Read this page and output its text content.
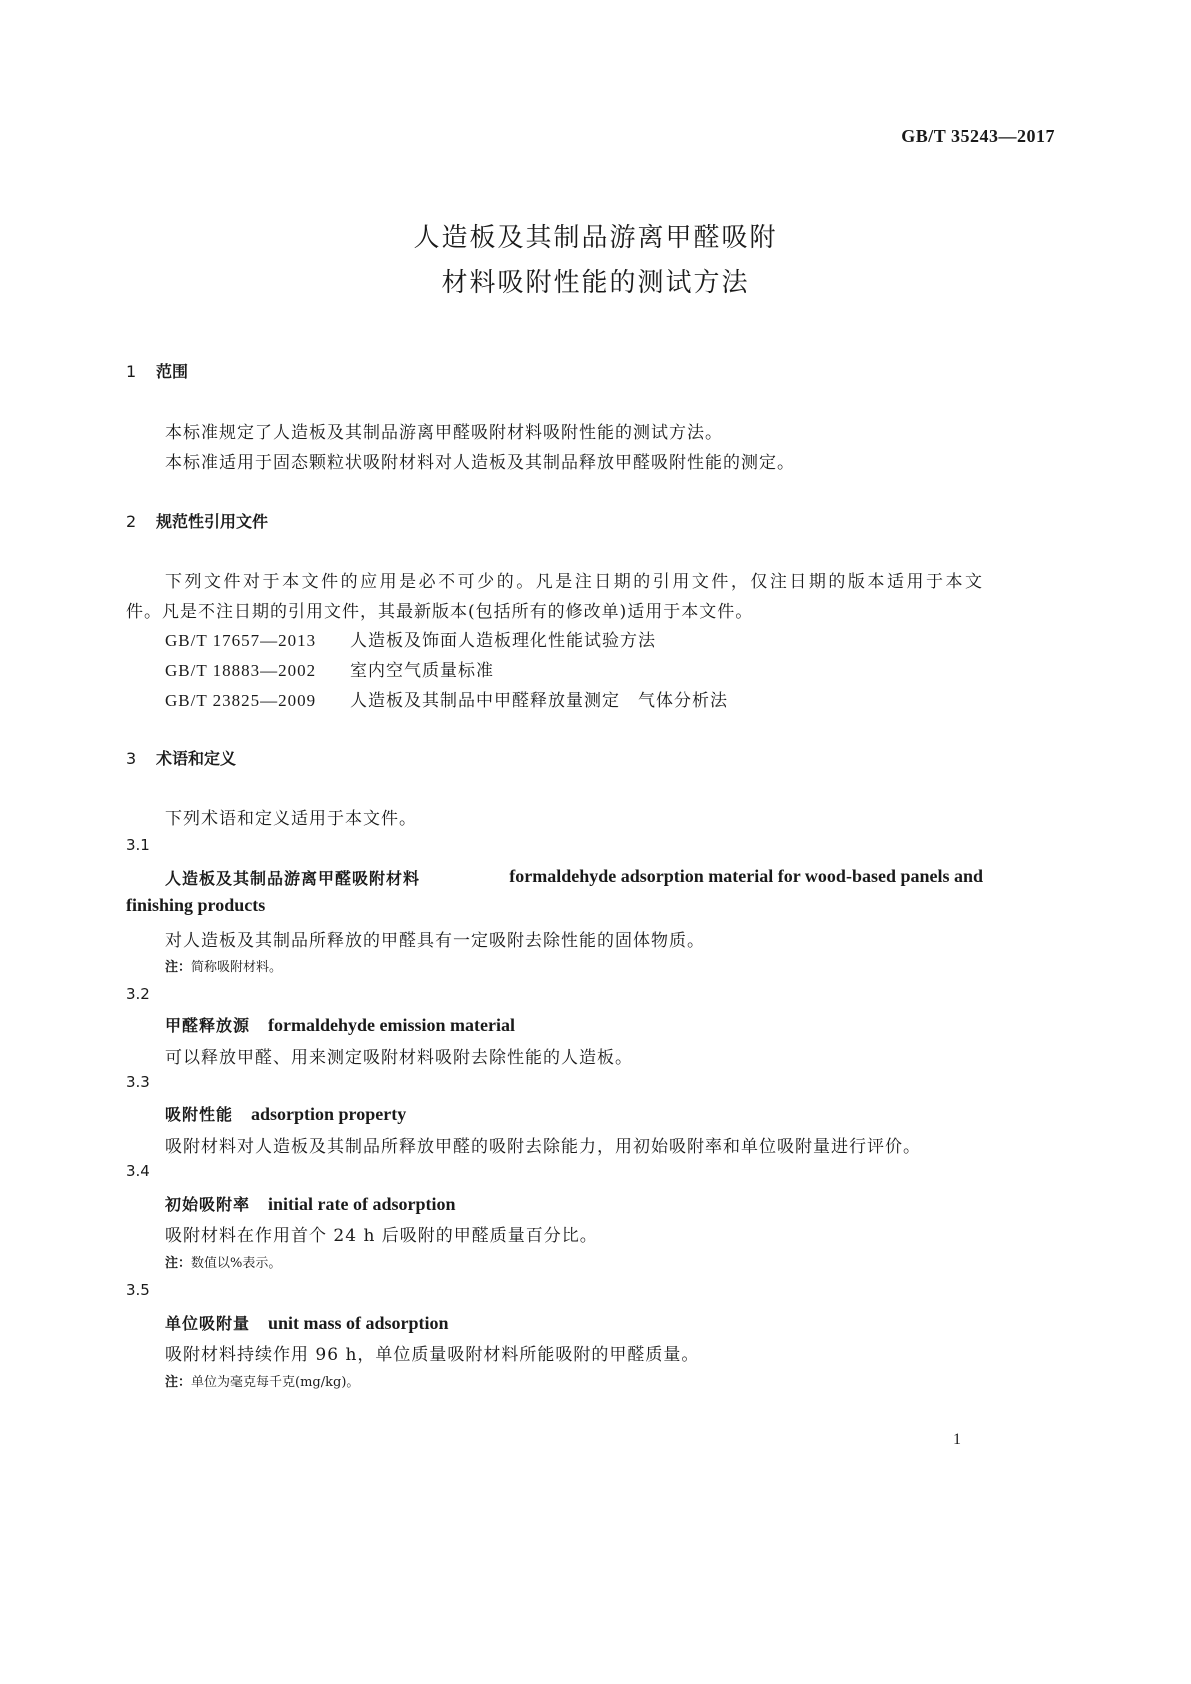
GB/T 35243—2017
人造板及其制品游离甲醛吸附
材料吸附性能的测试方法
1 范围
本标准规定了人造板及其制品游离甲醛吸附材料吸附性能的测试方法。
本标准适用于固态颗粒状吸附材料对人造板及其制品释放甲醛吸附性能的测定。
2 规范性引用文件
下列文件对于本文件的应用是必不可少的。凡是注日期的引用文件，仅注日期的版本适用于本文
件。凡是不注日期的引用文件，其最新版本(包括所有的修改单)适用于本文件。
GB/T 17657—2013 人造板及饰面人造板理化性能试验方法
GB/T 18883—2002 室内空气质量标准
GB/T 23825—2009 人造板及其制品中甲醛释放量测定　气体分析法
3 术语和定义
下列术语和定义适用于本文件。
3.1
人造板及其制品游离甲醛吸附材料	formaldehyde adsorption material for wood-based panels and
finishing products
对人造板及其制品所释放的甲醛具有一定吸附去除性能的固体物质。
注：简称吸附材料。
3.2
甲醛释放源 formaldehyde emission material
可以释放甲醛、用来测定吸附材料吸附去除性能的人造板。
3.3
吸附性能 adsorption property
吸附材料对人造板及其制品所释放甲醛的吸附去除能力，用初始吸附率和单位吸附量进行评价。
3.4
初始吸附率 initial rate of adsorption
吸附材料在作用首个 24 h 后吸附的甲醛质量百分比。
注：数值以%表示。
3.5
单位吸附量 unit mass of adsorption
吸附材料持续作用 96 h，单位质量吸附材料所能吸附的甲醛质量。
注：单位为毫克每千克(mg/kg)。
1
